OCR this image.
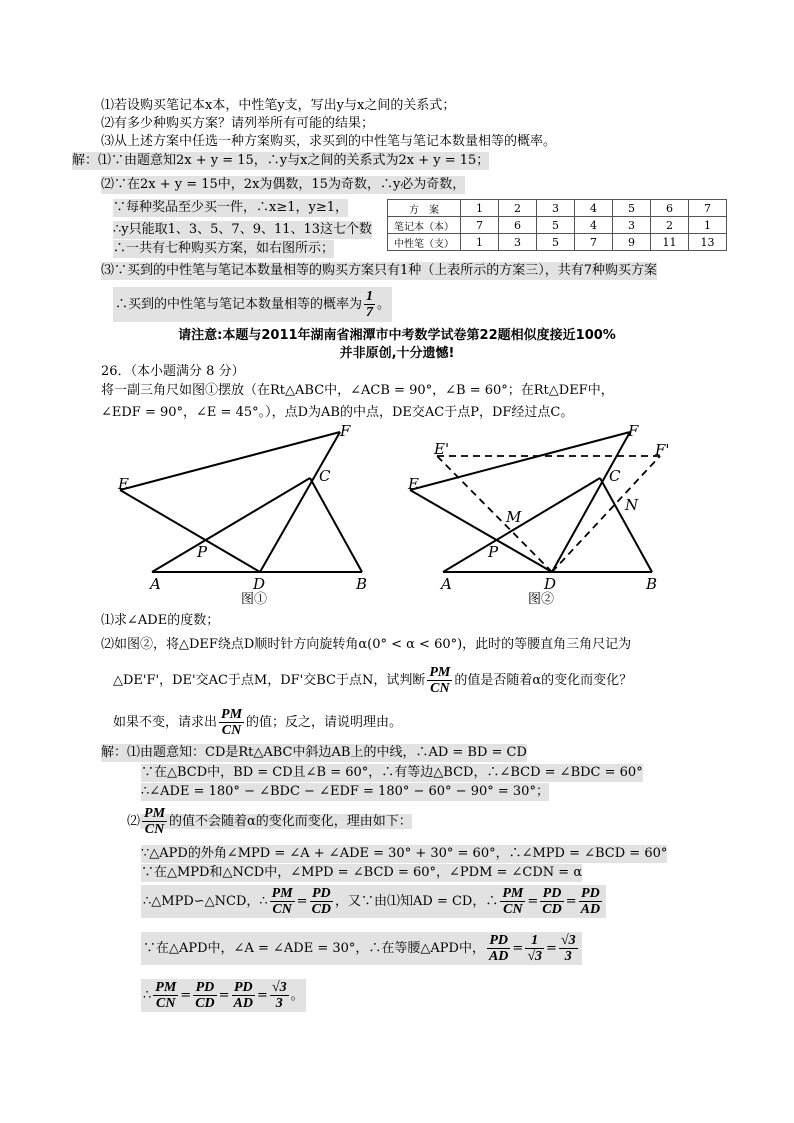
⑴若设购买笔记本x本，中性笔y支，写出y与x之间的关系式；
⑵有多少种购买方案？请列举所有可能的结果；
⑶从上述方案中任选一种方案购买，求买到的中性笔与笔记本数量相等的概率。
解：⑴∵由题意知2x + y = 15，∴y与x之间的关系式为2x + y = 15；
⑵∵在2x + y = 15中，2x为偶数，15为奇数，∴y必为奇数，
∵每种奖品至少买一件，∴x≥1，y≥1，
∴y只能取1、3、5、7、9、11、13这七个数
∴一共有七种购买方案，如右图所示；
方　案	1	2	3	4	5	6	7
笔记本（本）	7	6	5	4	3	2	1
中性笔（支）	1	3	5	7	9	11	13
⑶∵买到的中性笔与笔记本数量相等的购买方案只有1种（上表所示的方案三），共有7种购买方案
∴买到的中性笔与笔记本数量相等的概率为 $\frac{1}{7}$ 。
请注意:本题与2011年湖南省湘潭市中考数学试卷第22题相似度接近100%
并非原创,十分遗憾!
26．（本小题满分 8 分）
将一副三角尺如图①摆放（在Rt△ABC中，∠ACB = 90°，∠B = 60°；在Rt△DEF中，
∠EDF = 90°，∠E = 45°。），点D为AB的中点，DE交AC于点P，DF经过点C。
E
F
C
P
A	D	B
图①
E'	F'
E
F
C
M
N
P
A	D	B
图②
⑴求∠ADE的度数；
⑵如图②，将△DEF绕点D顺时针方向旋转角α(0° < α < 60°)，此时的等腰直角三角尺记为
△DE'F'，DE'交AC于点M，DF'交BC于点N，试判断 $\frac{PM}{CN}$ 的值是否随着α的变化而变化？
如果不变，请求出 $\frac{PM}{CN}$ 的值；反之，请说明理由。
解：⑴由题意知：CD是Rt△ABC中斜边AB上的中线，∴AD = BD = CD
∵在△BCD中，BD = CD且∠B = 60°，∴有等边△BCD，∴∠BCD = ∠BDC = 60°
∴∠ADE = 180° − ∠BDC − ∠EDF = 180° − 60° − 90° = 30°；
⑵ $\frac{PM}{CN}$ 的值不会随着α的变化而变化，理由如下：
∵△APD的外角∠MPD = ∠A + ∠ADE = 30° + 30° = 60°，∴∠MPD = ∠BCD = 60°
∵在△MPD和△NCD中，∠MPD = ∠BCD = 60°，∠PDM = ∠CDN = α
∴△MPD∽△NCD，∴ $\frac{PM}{CN} = \frac{PD}{CD}$ ，又∵由⑴知AD = CD，∴ $\frac{PM}{CN} = \frac{PD}{CD} = \frac{PD}{AD}$
∵在△APD中，∠A = ∠ADE = 30°，∴在等腰△APD中， $\frac{PD}{AD} = \frac{1}{√3} = \frac{√3}{3}$
∴ $\frac{PM}{CN} = \frac{PD}{CD} = \frac{PD}{AD} = \frac{√3}{3}$ 。
